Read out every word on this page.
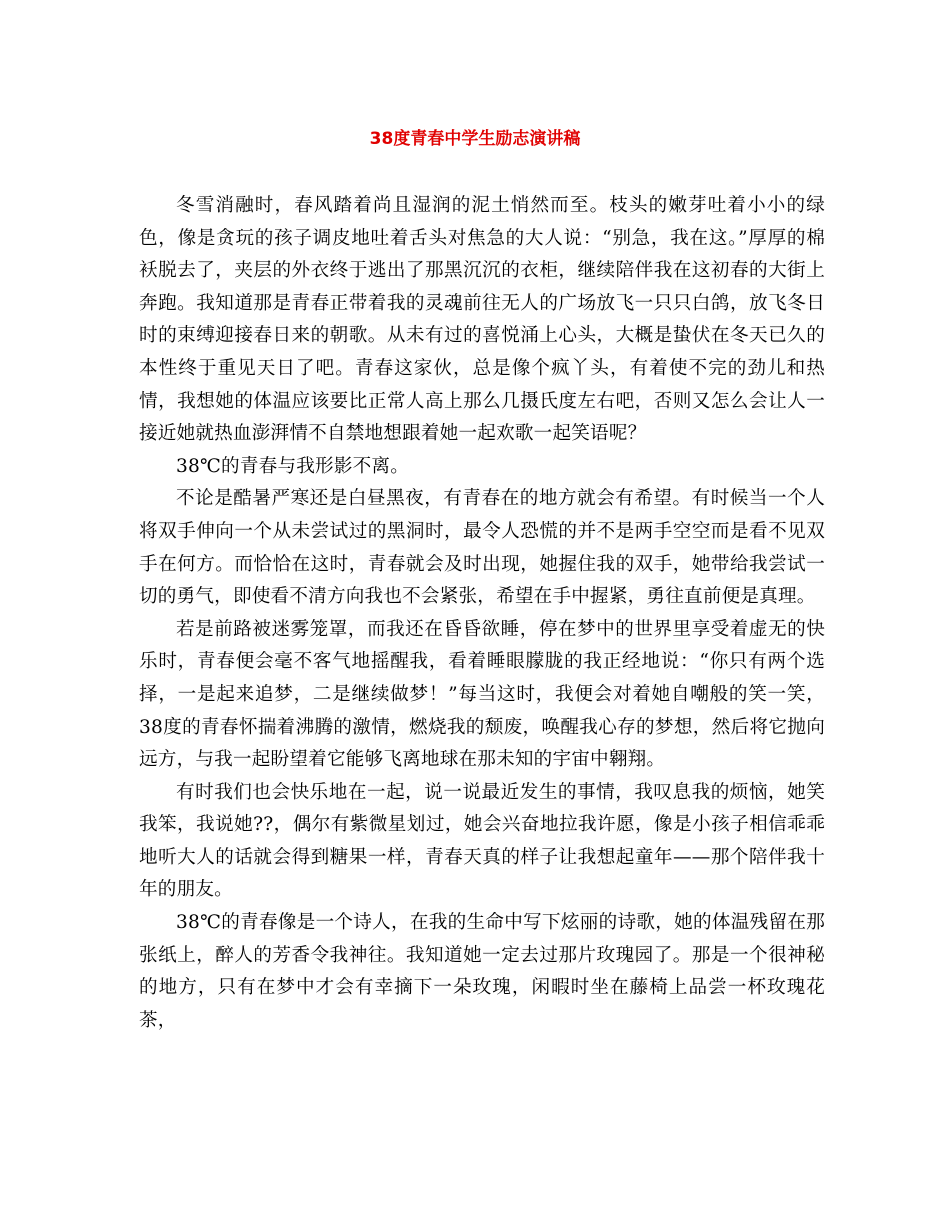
38度青春中学生励志演讲稿

冬雪消融时，春风踏着尚且湿润的泥土悄然而至。枝头的嫩芽吐着小小的绿色，像是贪玩的孩子调皮地吐着舌头对焦急的大人说：“别急，我在这。”厚厚的棉袄脱去了，夹层的外衣终于逃出了那黑沉沉的衣柜，继续陪伴我在这初春的大街上奔跑。我知道那是青春正带着我的灵魂前往无人的广场放飞一只只白鸽，放飞冬日时的束缚迎接春日来的朝歌。从未有过的喜悦涌上心头，大概是蛰伏在冬天已久的本性终于重见天日了吧。青春这家伙，总是像个疯丫头，有着使不完的劲儿和热情，我想她的体温应该要比正常人高上那么几摄氏度左右吧，否则又怎么会让人一接近她就热血澎湃情不自禁地想跟着她一起欢歌一起笑语呢？

38℃的青春与我形影不离。

不论是酷暑严寒还是白昼黑夜，有青春在的地方就会有希望。有时候当一个人将双手伸向一个从未尝试过的黑洞时，最令人恐慌的并不是两手空空而是看不见双手在何方。而恰恰在这时，青春就会及时出现，她握住我的双手，她带给我尝试一切的勇气，即使看不清方向我也不会紧张，希望在手中握紧，勇往直前便是真理。

若是前路被迷雾笼罩，而我还在昏昏欲睡，停在梦中的世界里享受着虚无的快乐时，青春便会毫不客气地摇醒我，看着睡眼朦胧的我正经地说：“你只有两个选择，一是起来追梦，二是继续做梦！”每当这时，我便会对着她自嘲般的笑一笑，38度的青春怀揣着沸腾的激情，燃烧我的颓废，唤醒我心存的梦想，然后将它抛向远方，与我一起盼望着它能够飞离地球在那未知的宇宙中翱翔。

有时我们也会快乐地在一起，说一说最近发生的事情，我叹息我的烦恼，她笑我笨，我说她??，偶尔有紫微星划过，她会兴奋地拉我许愿，像是小孩子相信乖乖地听大人的话就会得到糖果一样，青春天真的样子让我想起童年——那个陪伴我十年的朋友。

38℃的青春像是一个诗人，在我的生命中写下炫丽的诗歌，她的体温残留在那张纸上，醉人的芳香令我神往。我知道她一定去过那片玫瑰园了。那是一个很神秘的地方，只有在梦中才会有幸摘下一朵玫瑰，闲暇时坐在藤椅上品尝一杯玫瑰花茶，
